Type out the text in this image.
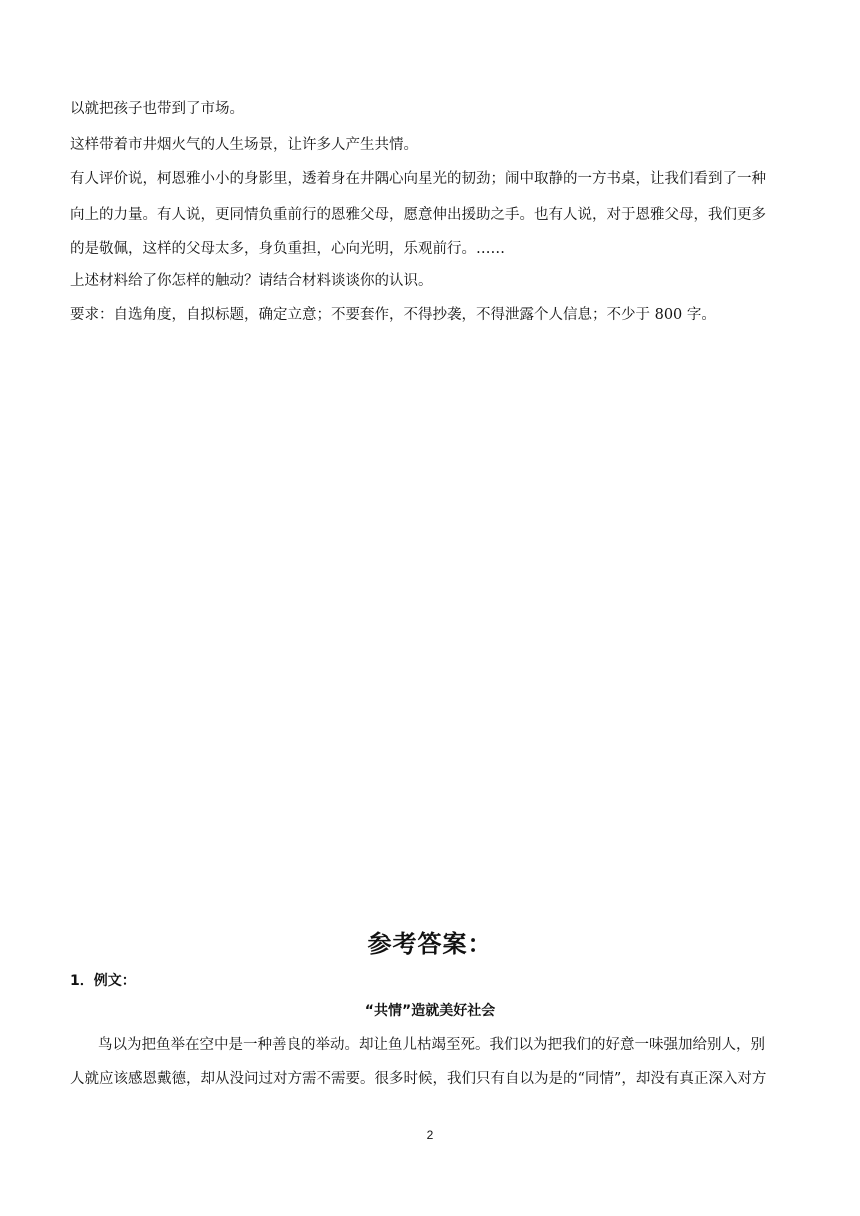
以就把孩子也带到了市场。
这样带着市井烟火气的人生场景，让许多人产生共情。
有人评价说，柯恩雅小小的身影里，透着身在井隅心向星光的韧劲；闹中取静的一方书桌，让我们看到了一种
向上的力量。有人说，更同情负重前行的恩雅父母，愿意伸出援助之手。也有人说，对于恩雅父母，我们更多
的是敬佩，这样的父母太多，身负重担，心向光明，乐观前行。……
上述材料给了你怎样的触动？请结合材料谈谈你的认识。
要求：自选角度，自拟标题，确定立意；不要套作，不得抄袭，不得泄露个人信息；不少于 800 字。
参考答案：
1．例文：
“共情”造就美好社会
鸟以为把鱼举在空中是一种善良的举动。却让鱼儿枯竭至死。我们以为把我们的好意一味强加给别人，别
人就应该感恩戴德，却从没问过对方需不需要。很多时候，我们只有自以为是的“同情”，却没有真正深入对方
2
